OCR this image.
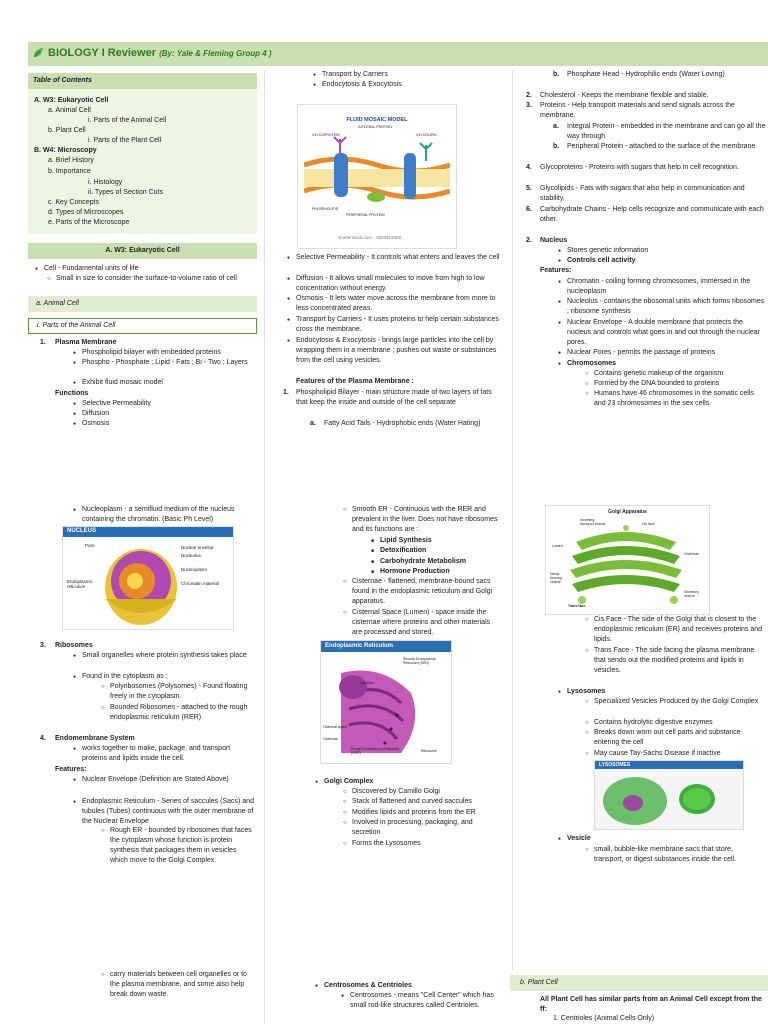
BIOLOGY I Reviewer (By: Yale & Fleming Group 4 )
Table of Contents
A. W3: Eukaryotic Cell
a. Animal Cell
i. Parts of the Animal Cell
b. Plant Cell
i. Parts of the Plant Cell
B. W4: Microscopy
a. Brief History
b. Importance
i. Histology
ii. Types of Section Cuts
c. Key Concepts
d. Types of Microscopes
e. Parts of the Microscope
A. W3: Eukaryotic Cell
● Cell - Fundamental units of life
○ Small in size to consider the surface-to-volume ratio of cell
a. Animal Cell
i. Parts of the Animal Cell
1. Plasma Membrane
● Phospholipid bilayer with embedded proteins
● Phospho - Phosphate ; Lipid - Fats ; Bi - Two ; Layers
● Exhibit fluid mosaic model
Functions
● Selective Permeability
● Diffusion
● Osmosis
● Nucleoplasm - a semifluid medium of the nucleus containing the chromatin. (Basic Ph Level)
NUCLEUS
Pore	Nuclear envelop
Nucleolus
Nucleoplasm
Endoplasmic reticulum
Chromatin material
3. Ribosomes
● Small organelles where protein synthesis takes place
● Found in the cytoplasm as :
○ Polyribosomes (Polysomes) - Found floating freely in the cytoplasm.
○ Bounded Ribosomes - attached to the rough endoplasmic reticulum (RER)
4. Endomembrane System
● works together to make, package, and transport proteins and lipids inside the cell.
Features:
● Nuclear Envelope (Definition are Stated Above)
● Endoplasmic Reticulum - Series of saccules (Sacs) and tubules (Tubes) continuous with the outer membrane of the Nuclear Envelope
○ Rough ER - bounded by ribosomes that faces the cytoplasm whose function is protein synthesis that packages them in vesicles which move to the Golgi Complex.
○ carry materials between cell organelles or to the plasma membrane, and some also help break down waste.
● Transport by Carriers
● Endocytosis & Exocytosis
FLUID MOSAIC MODEL
GLYCOPROTEIN
INTEGRAL PROTEIN
GLYCOLIPID
PHOSPHOLIPID
PERIPHERAL PROTEIN
shutterstock.com · 2503454059
● Selective Permeability - It controls what enters and leaves the cell
● Diffusion - It allows small molecules to move from high to low concentration without energy.
● Osmosis - It lets water move across the membrane from more to less concentrated areas.
● Transport by Carriers - It uses proteins to help certain substances cross the membrane.
● Endocytosis & Exocytosis - brings large particles into the cell by wrapping them in a membrane ; pushes out waste or substances from the cell using vesicles.
Features of the Plasma Membrane :
1. Phospholipid Bilayer - main structure made of two layers of fats that keep the inside and outside of the cell separate
a. Fatty Acid Tails - Hydrophobic ends (Water Hating)
○ Smooth ER - Continuous with the RER and prevalent in the liver. Does not have ribosomes and its functions are :
■ Lipid Synthesis
■ Detoxification
■ Carbohydrate Metabolism
■ Hormone Production
○ Cisternae - flattened, membrane-bound sacs found in the endoplasmic reticulum and Golgi apparatus.
○ Cisternal Space (Lumen) - space inside the cisternae where proteins and other materials are processed and stored.
Endoplasmic Reticulum
Smooth Endoplasmic Reticulum (SER)
Nucleus
Cisternal space
Cisternae
Rough Endoplasmic Reticulum (RER)	Ribosome
● Golgi Complex
○ Discovered by Camillo Golgi
○ Stack of flattened and curved saccules
○ Modifies lipids and proteins from the ER
○ Involved in processing, packaging, and secretion
○ Forms the Lysosomes
● Centrosomes & Centrioles
● Centrosomes - means "Cell Center" which has small rod-like structures called Centrioles.
b. Phosphate Head - Hydrophilic ends (Water Loving)
2. Cholesterol - Keeps the membrane flexible and stable.
3. Proteins - Help transport materials and send signals across the membrane.
a. Integral Protein - embedded in the membrane and can go all the way through
b. Peripheral Protein - attached to the surface of the membrane
4. Glycoproteins - Proteins with sugars that help in cell recognition.
5. Glycolipids - Fats with sugars that also help in communication and stability.
6. Carbohydrate Chains - Help cells recognize and communicate with each other.
2. Nucleus
● Stores genetic information
● Controls cell activity
Features:
● Chromatin - coiling forming chromosomes, immersed in the nucleoplasm
● Nucleolus - contains the ribosomal units which forms ribosomes ; ribosome synthesis
● Nuclear Envelope - A double membrane that protects the nucleus and controls what goes in and out through the nuclear pores.
● Nuclear Pores - permits the passage of proteins
● Chromosomes
○ Contains genetic makeup of the organism
○ Formed by the DNA bounded to proteins
○ Humans have 46 chromosomes in the somatic cells and 23 chromosomes in the sex cells.
Golgi Apparatus
Incoming transport vesicle	Cis face
Lumen
Cisternae
Newly forming vesicle
Secretory vesicle
Trans face
○ Cis Face - The side of the Golgi that is closest to the endoplasmic reticulum (ER) and receives proteins and lipids.
○ Trans Face - The side facing the plasma membrane that sends out the modified proteins and lipids in vesicles.
● Lysosomes
○ Specialized Vesicles Produced by the Golgi Complex
○ Contains hydrolytic digestive enzymes
○ Breaks down worn out cell parts and substance entering the cell
○ May cause Tay-Sachs Disease if inactive
LYSOSOMES
● Vesicle
○ small, bubble-like membrane sacs that store, transport, or digest substances inside the cell.
b. Plant Cell
All Plant Cell has similar parts from an Animal Cell except from the ff:
1. Centrioles (Animal Cells Only)
